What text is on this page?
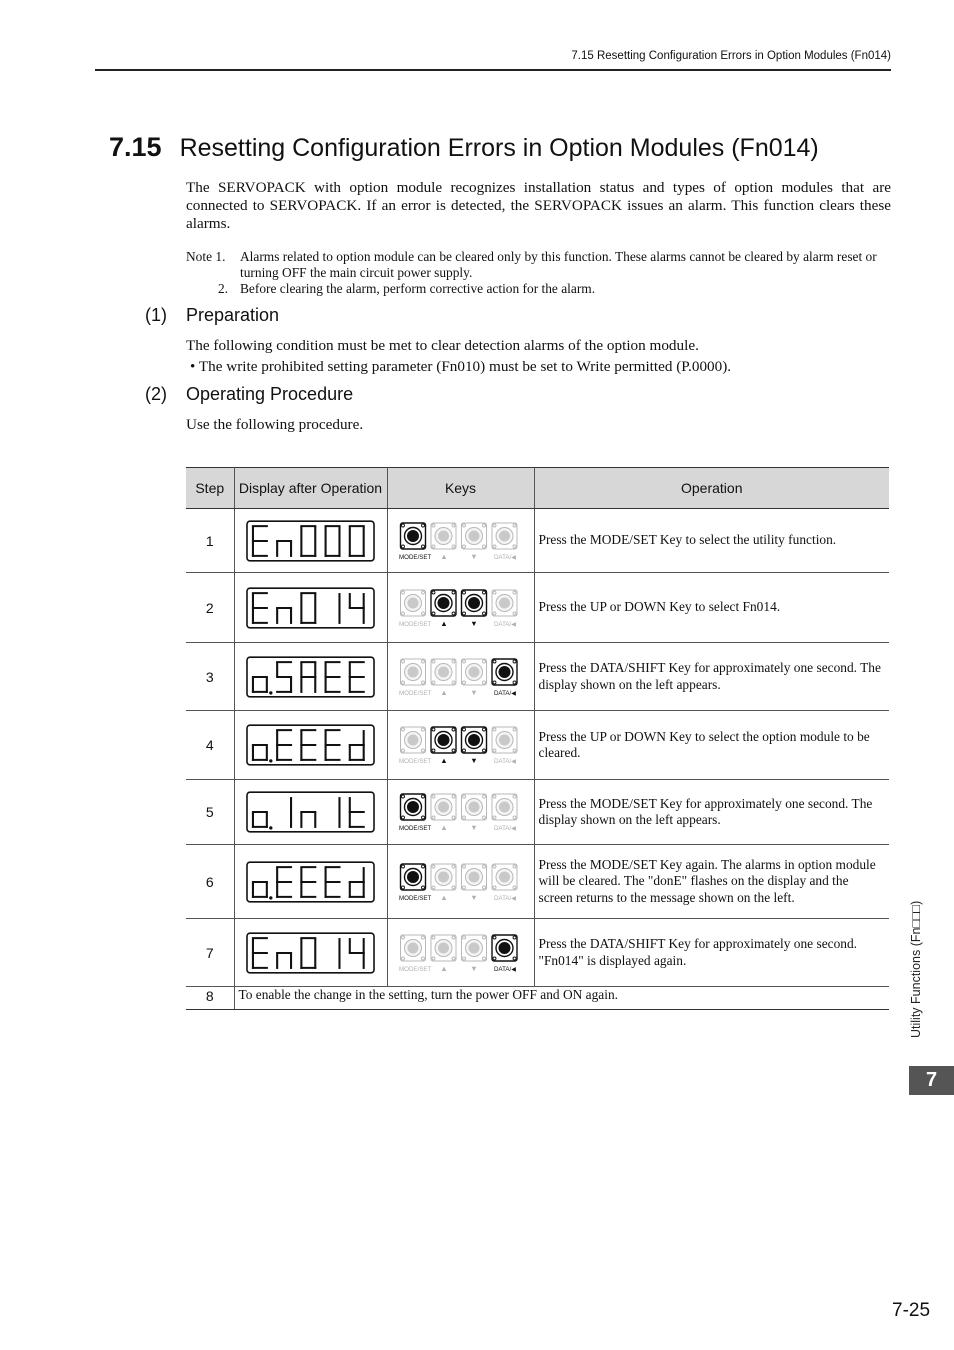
7.15 Resetting Configuration Errors in Option Modules (Fn014)
7.15 Resetting Configuration Errors in Option Modules (Fn014)
The SERVOPACK with option module recognizes installation status and types of option modules that are connected to SERVOPACK. If an error is detected, the SERVOPACK issues an alarm. This function clears these alarms.
Note 1.	Alarms related to option module can be cleared only by this function. These alarms cannot be cleared by alarm reset or turning OFF the main circuit power supply.
2. Before clearing the alarm, perform corrective action for the alarm.
(1) Preparation
The following condition must be met to clear detection alarms of the option module.
• The write prohibited setting parameter (Fn010) must be set to Write permitted (P.0000).
(2) Operating Procedure
Use the following procedure.
Step	Display after Operation	Keys	Operation
1		MODE/SET ▲ ▼ DATA/◀	Press the MODE/SET Key to select the utility function.
2		MODE/SET ▲ ▼ DATA/◀	Press the UP or DOWN Key to select Fn014.
3		MODE/SET ▲ ▼ DATA/◀	Press the DATA/SHIFT Key for approximately one second. The display shown on the left appears.
4		MODE/SET ▲ ▼ DATA/◀	Press the UP or DOWN Key to select the option module to be cleared.
5		MODE/SET ▲ ▼ DATA/◀	Press the MODE/SET Key for approximately one second. The display shown on the left appears.
6		MODE/SET ▲ ▼ DATA/◀	Press the MODE/SET Key again. The alarms in option module will be cleared. The "donE" flashes on the display and the screen returns to the message shown on the left.
7		MODE/SET ▲ ▼ DATA/◀	Press the DATA/SHIFT Key for approximately one second. "Fn014" is displayed again.
8	To enable the change in the setting, turn the power OFF and ON again.			Utility Functions (Fn□□□)
7
7-25
